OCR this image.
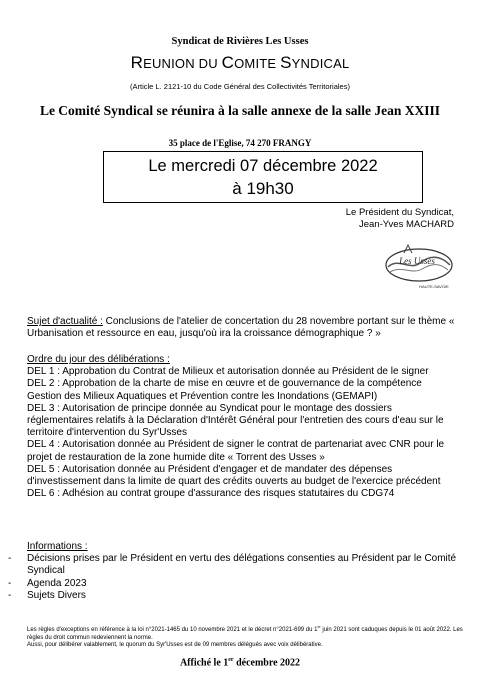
Syndicat de Rivières Les Usses
REUNION DU COMITE SYNDICAL
(Article L. 2121-10 du Code Général des Collectivités Territoriales)
Le Comité Syndical se réunira à la salle annexe de la salle Jean XXIII
35 place de l'Eglise, 74 270 FRANGY
Le mercredi 07 décembre 2022
à 19h30
Le Président du Syndicat,
Jean-Yves MACHARD
Les Usses
HAUTE-SAVOIE
Sujet d'actualité : Conclusions de l'atelier de concertation du 28 novembre portant sur le thème « Urbanisation et ressource en eau, jusqu'où ira la croissance démographique ? »
Ordre du jour des délibérations :
DEL 1 : Approbation du Contrat de Milieux et autorisation donnée au Président de le signer
DEL 2 : Approbation de la charte de mise en œuvre et de gouvernance de la compétence Gestion des Milieux Aquatiques et Prévention contre les Inondations (GEMAPI)
DEL 3 : Autorisation de principe donnée au Syndicat pour le montage des dossiers réglementaires relatifs à la Déclaration d'Intérêt Général pour l'entretien des cours d'eau sur le territoire d'intervention du Syr'Usses
DEL 4 : Autorisation donnée au Président de signer le contrat de partenariat avec CNR pour le projet de restauration de la zone humide dite « Torrent des Usses »
DEL 5 : Autorisation donnée au Président d'engager et de mandater des dépenses d'investissement dans la limite de quart des crédits ouverts au budget de l'exercice précédent
DEL 6 : Adhésion au contrat groupe d'assurance des risques statutaires du CDG74
Informations :
-	Décisions prises par le Président en vertu des délégations consenties au Président par le Comité Syndical
-	Agenda 2023
-	Sujets Divers
Les règles d'exceptions en référence à la loi n°2021-1465 du 10 novembre 2021 et le décret n°2021-699 du 1er juin 2021 sont caduques depuis le 01 août 2022. Les règles du droit commun redeviennent la norme.
Aussi, pour délibérer valablement, le quorum du Syr'Usses est de 09 membres délégués avec voix délibérative.
Affiché le 1er décembre 2022
